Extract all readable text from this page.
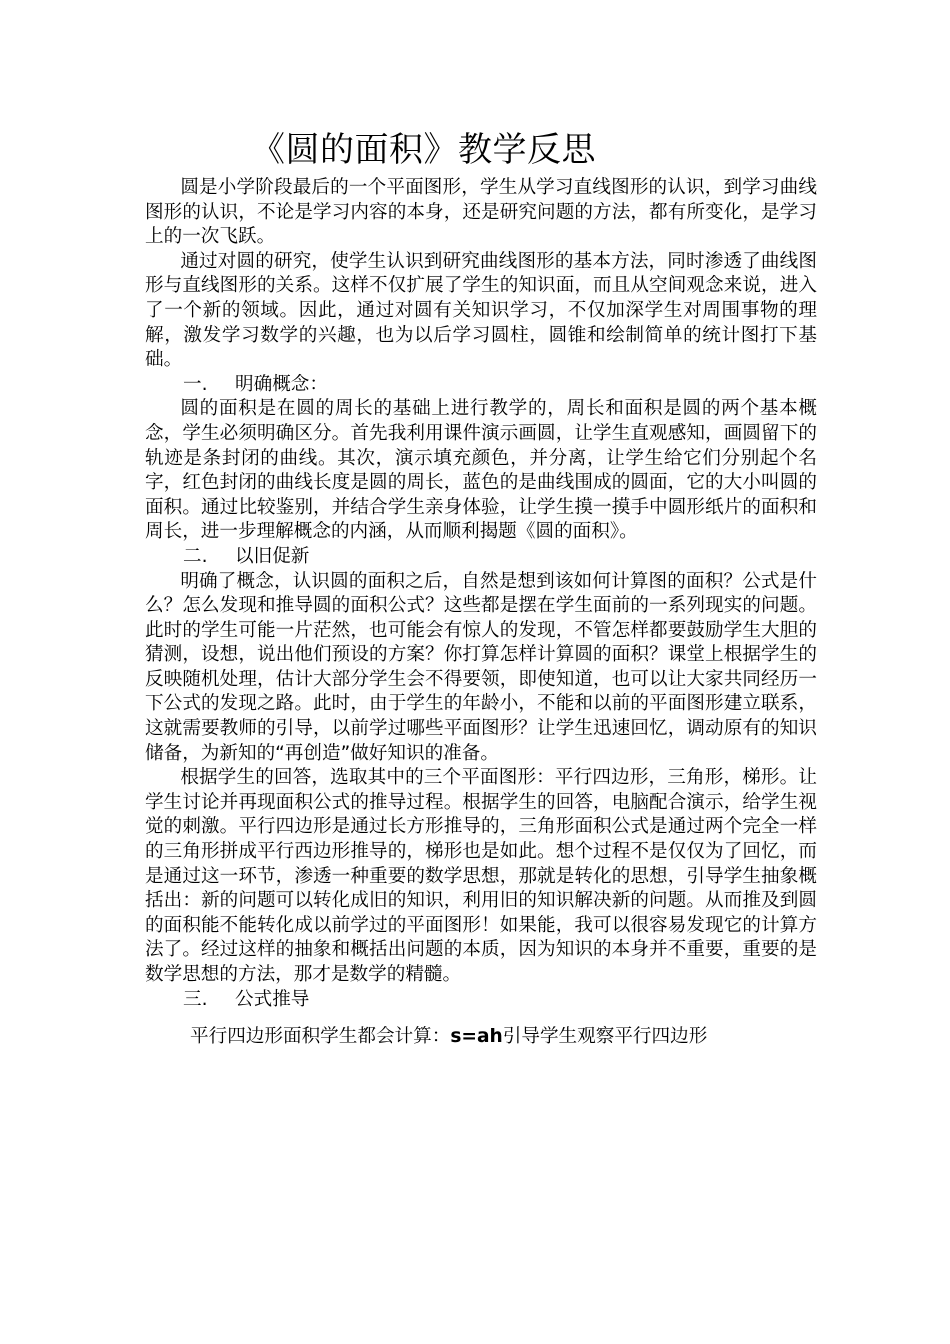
《圆的面积》教学反思

圆是小学阶段最后的一个平面图形，学生从学习直线图形的认识，到学习曲线图形的认识，不论是学习内容的本身，还是研究问题的方法，都有所变化，是学习上的一次飞跃。

通过对圆的研究，使学生认识到研究曲线图形的基本方法，同时渗透了曲线图形与直线图形的关系。这样不仅扩展了学生的知识面，而且从空间观念来说，进入了一个新的领域。因此，通过对圆有关知识学习，不仅加深学生对周围事物的理解，激发学习数学的兴趣，也为以后学习圆柱，圆锥和绘制简单的统计图打下基础。

一. 明确概念：

圆的面积是在圆的周长的基础上进行教学的，周长和面积是圆的两个基本概念，学生必须明确区分。首先我利用课件演示画圆，让学生直观感知，画圆留下的轨迹是条封闭的曲线。其次，演示填充颜色，并分离，让学生给它们分别起个名字，红色封闭的曲线长度是圆的周长，蓝色的是曲线围成的圆面，它的大小叫圆的面积。通过比较鉴别，并结合学生亲身体验，让学生摸一摸手中圆形纸片的面积和周长，进一步理解概念的内涵，从而顺利揭题《圆的面积》。

二. 以旧促新

明确了概念，认识圆的面积之后，自然是想到该如何计算图的面积？公式是什么？怎么发现和推导圆的面积公式？这些都是摆在学生面前的一系列现实的问题。此时的学生可能一片茫然，也可能会有惊人的发现，不管怎样都要鼓励学生大胆的猜测，设想，说出他们预设的方案？你打算怎样计算圆的面积？课堂上根据学生的反映随机处理，估计大部分学生会不得要领，即使知道，也可以让大家共同经历一下公式的发现之路。此时，由于学生的年龄小，不能和以前的平面图形建立联系，这就需要教师的引导，以前学过哪些平面图形？让学生迅速回忆，调动原有的知识储备，为新知的“再创造”做好知识的准备。

根据学生的回答，选取其中的三个平面图形：平行四边形，三角形，梯形。让学生讨论并再现面积公式的推导过程。根据学生的回答，电脑配合演示，给学生视觉的刺激。平行四边形是通过长方形推导的，三角形面积公式是通过两个完全一样的三角形拼成平行西边形推导的，梯形也是如此。想个过程不是仅仅为了回忆，而是通过这一环节，渗透一种重要的数学思想，那就是转化的思想，引导学生抽象概括出：新的问题可以转化成旧的知识，利用旧的知识解决新的问题。从而推及到圆的面积能不能转化成以前学过的平面图形！如果能，我可以很容易发现它的计算方法了。经过这样的抽象和概括出问题的本质，因为知识的本身并不重要，重要的是数学思想的方法，那才是数学的精髓。

三. 公式推导

平行四边形面积学生都会计算：s=ah引导学生观察平行四边形
